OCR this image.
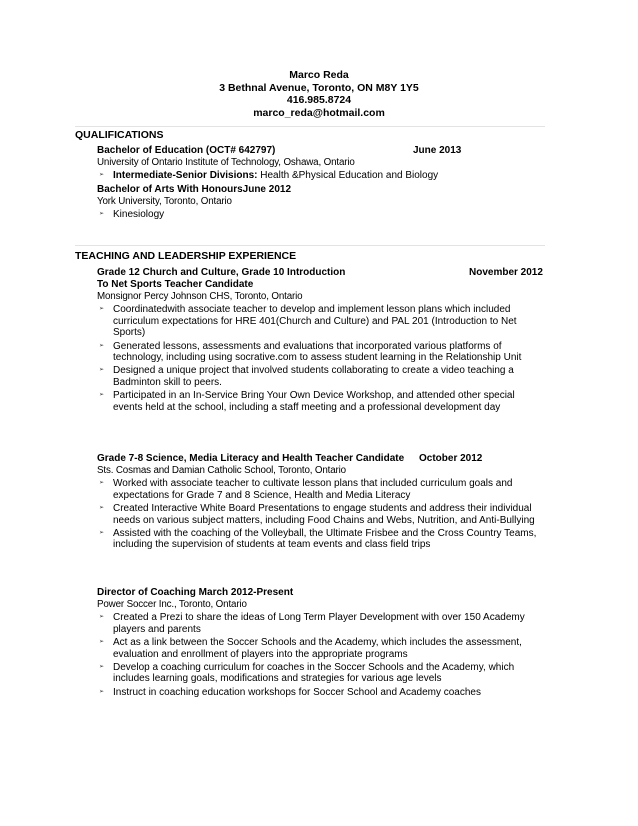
Marco Reda
3 Bethnal Avenue, Toronto, ON M8Y 1Y5
416.985.8724
marco_reda@hotmail.com
QUALIFICATIONS
Bachelor of Education (OCT# 642797)	June 2013
University of Ontario Institute of Technology, Oshawa, Ontario
➢ Intermediate-Senior Divisions: Health &Physical Education and Biology
Bachelor of Arts With HonoursJune 2012
York University, Toronto, Ontario
➢ Kinesiology
TEACHING AND LEADERSHIP EXPERIENCE
Grade 12 Church and Culture, Grade 10 Introduction	November 2012
To Net Sports Teacher Candidate
Monsignor Percy Johnson CHS, Toronto, Ontario
➢ Coordinatedwith associate teacher to develop and implement lesson plans which included curriculum expectations for HRE 401(Church and Culture) and PAL 201 (Introduction to Net Sports)
➢ Generated lessons, assessments and evaluations that incorporated various platforms of technology, including using socrative.com to assess student learning in the Relationship Unit
➢ Designed a unique project that involved students collaborating to create a video teaching a Badminton skill to peers.
➢ Participated in an In-Service Bring Your Own Device Workshop, and attended other special events held at the school, including a staff meeting and a professional development day
Grade 7-8 Science, Media Literacy and Health Teacher Candidate October 2012
Sts. Cosmas and Damian Catholic School, Toronto, Ontario
➢ Worked with associate teacher to cultivate lesson plans that included curriculum goals and expectations for Grade 7 and 8 Science, Health and Media Literacy
➢ Created Interactive White Board Presentations to engage students and address their individual needs on various subject matters, including Food Chains and Webs, Nutrition, and Anti-Bullying
➢ Assisted with the coaching of the Volleyball, the Ultimate Frisbee and the Cross Country Teams, including the supervision of students at team events and class field trips
Director of Coaching March 2012-Present
Power Soccer Inc., Toronto, Ontario
➢ Created a Prezi to share the ideas of Long Term Player Development with over 150 Academy players and parents
➢ Act as a link between the Soccer Schools and the Academy, which includes the assessment, evaluation and enrollment of players into the appropriate programs
➢ Develop a coaching curriculum for coaches in the Soccer Schools and the Academy, which includes learning goals, modifications and strategies for various age levels
➢ Instruct in coaching education workshops for Soccer School and Academy coaches
